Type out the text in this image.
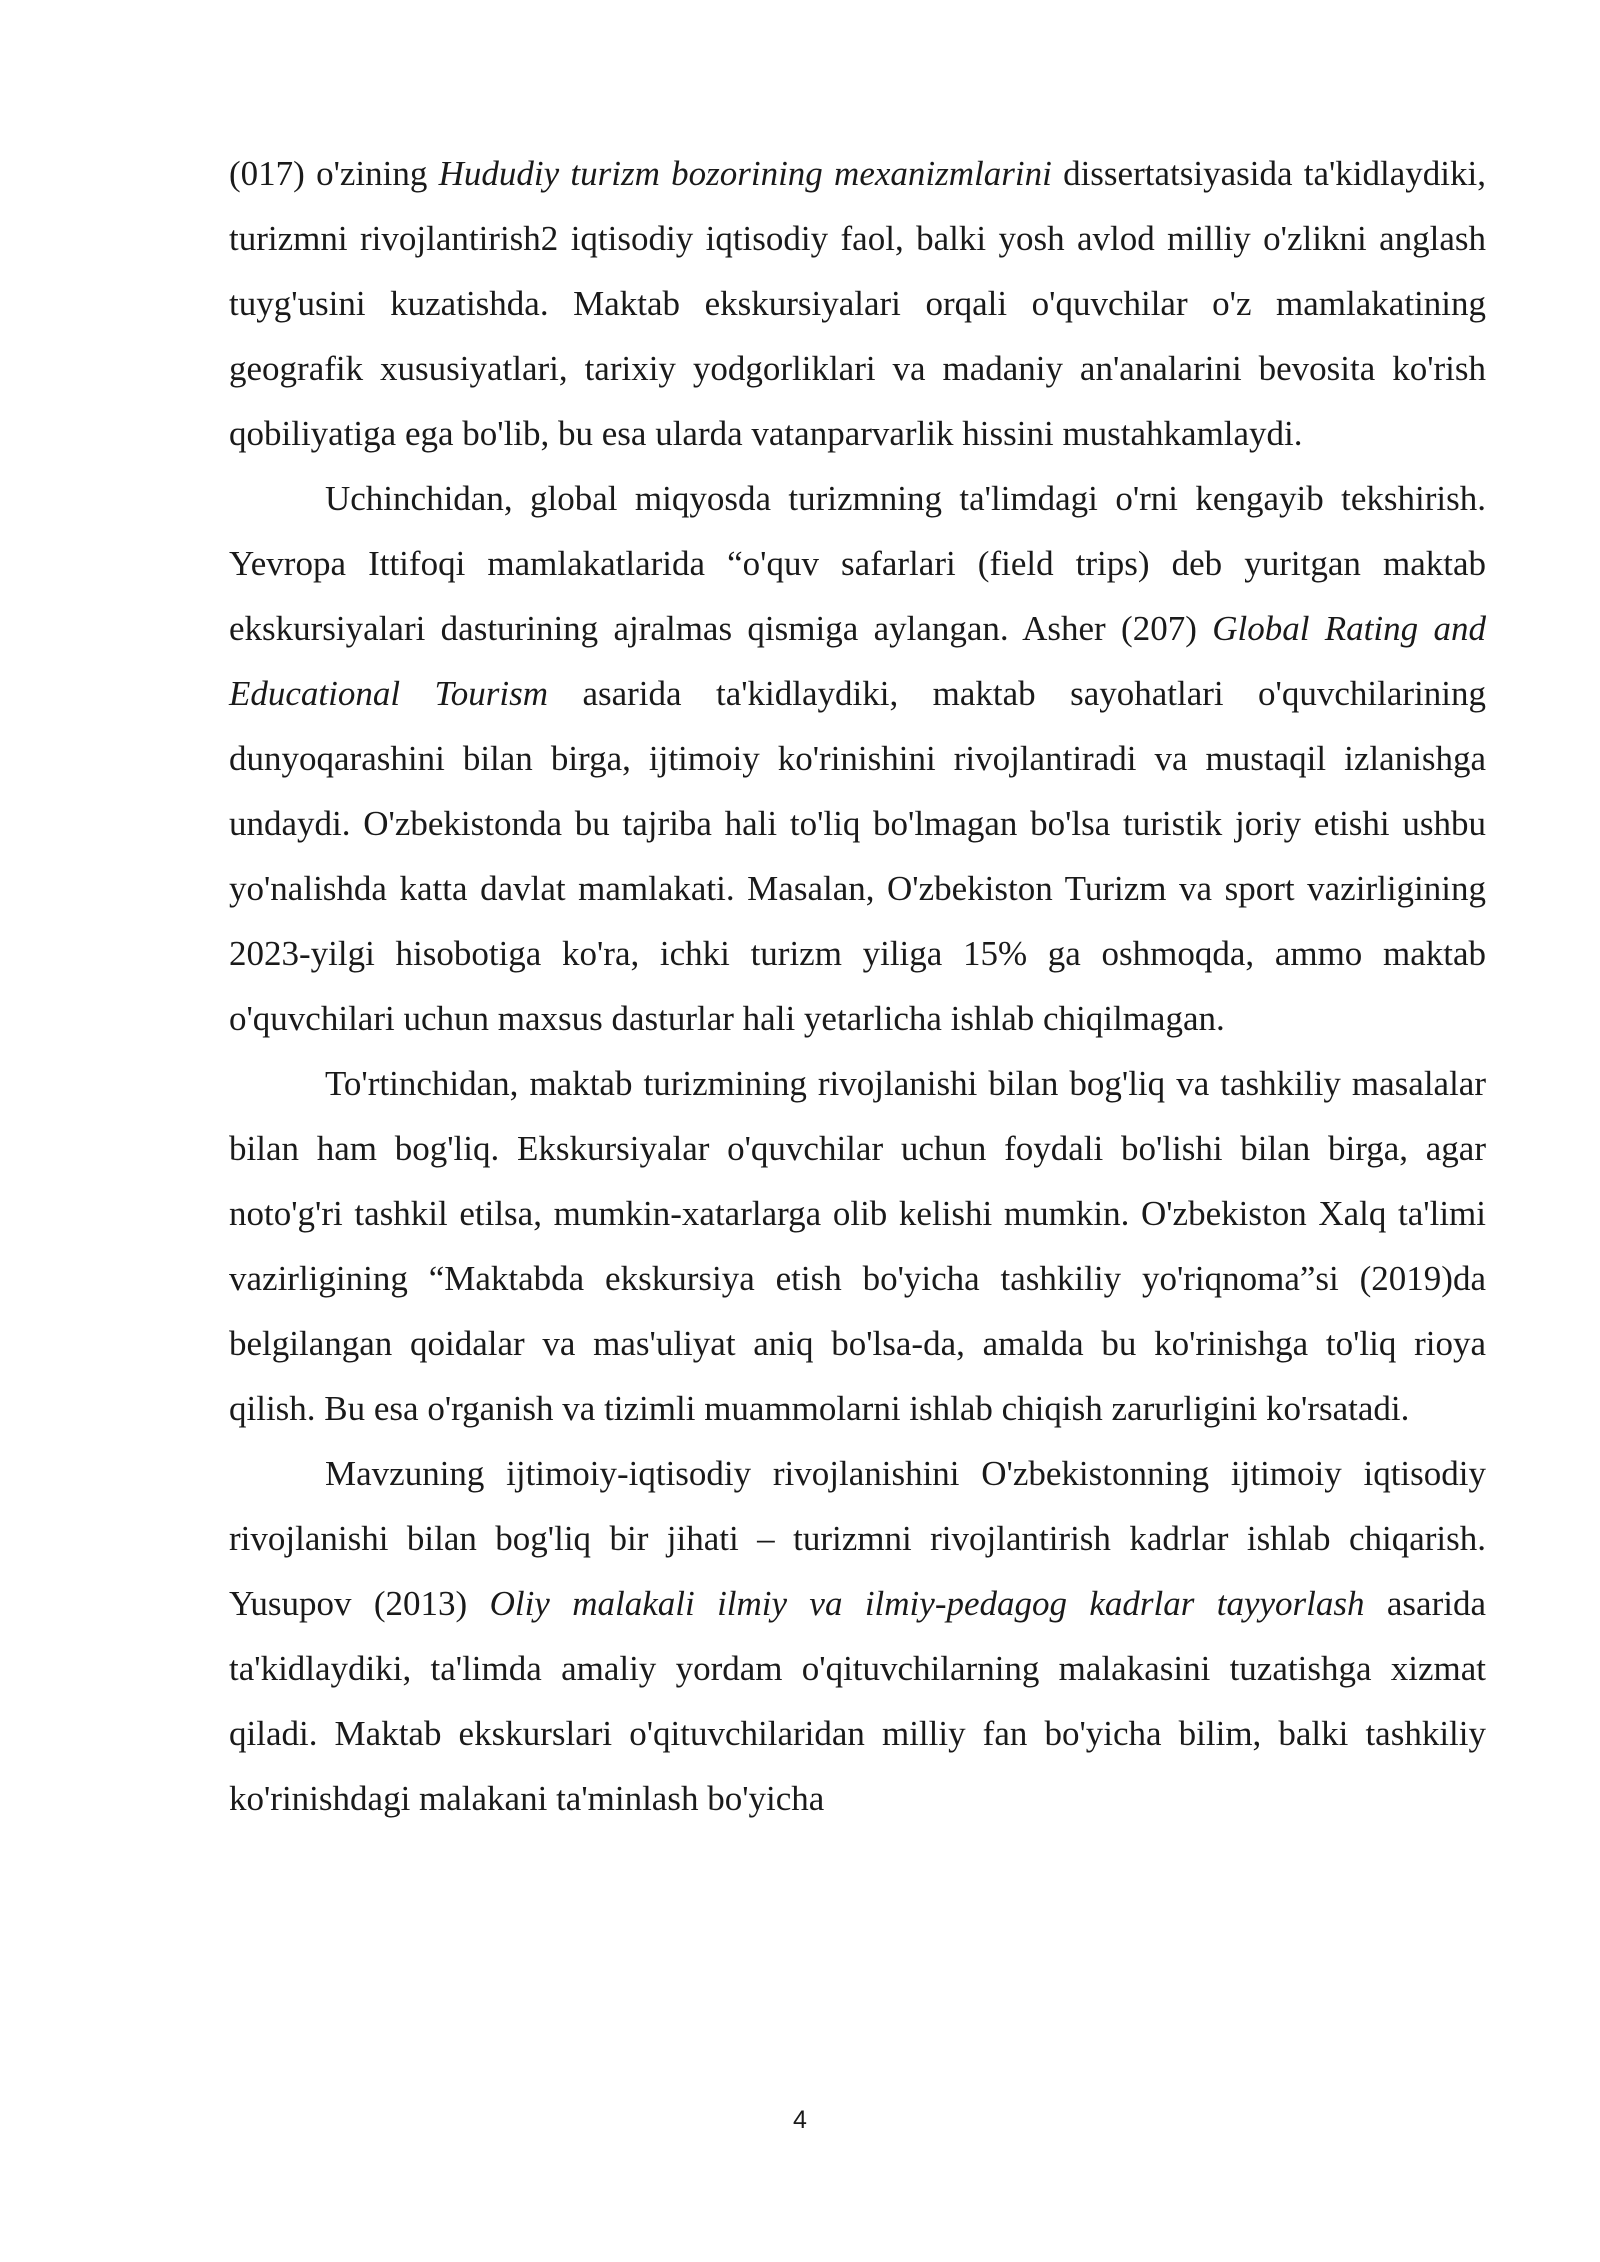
(017) o'zining Hududiy turizm bozorining mexanizmlarini dissertatsiyasida ta'kidlaydiki, turizmni rivojlantirish2 iqtisodiy iqtisodiy faol, balki yosh avlod milliy o'zlikni anglash tuyg'usini kuzatishda. Maktab ekskursiyalari orqali o'quvchilar o'z mamlakatining geografik xususiyatlari, tarixiy yodgorliklari va madaniy an'analarini bevosita ko'rish qobiliyatiga ega bo'lib, bu esa ularda vatanparvarlik hissini mustahkamlaydi.

Uchinchidan, global miqyosda turizmning ta'limdagi o'rni kengayib tekshirish. Yevropa Ittifoqi mamlakatlarida “o'quv safarlari (field trips) deb yuritgan maktab ekskursiyalari dasturining ajralmas qismiga aylangan. Asher (207) Global Rating and Educational Tourism asarida ta'kidlaydiki, maktab sayohatlari o'quvchilarining dunyoqarashini bilan birga, ijtimoiy ko'rinishini rivojlantiradi va mustaqil izlanishga undaydi. O'zbekistonda bu tajriba hali to'liq bo'lmagan bo'lsa turistik joriy etishi ushbu yo'nalishda katta davlat mamlakati. Masalan, O'zbekiston Turizm va sport vazirligining 2023-yilgi hisobotiga ko'ra, ichki turizm yiliga 15% ga oshmoqda, ammo maktab o'quvchilari uchun maxsus dasturlar hali yetarlicha ishlab chiqilmagan.

To'rtinchidan, maktab turizmining rivojlanishi bilan bog'liq va tashkiliy masalalar bilan ham bog'liq. Ekskursiyalar o'quvchilar uchun foydali bo'lishi bilan birga, agar noto'g'ri tashkil etilsa, mumkin-xatarlarga olib kelishi mumkin. O'zbekiston Xalq ta'limi vazirligining “Maktabda ekskursiya etish bo'yicha tashkiliy yo'riqnoma”si (2019)da belgilangan qoidalar va mas'uliyat aniq bo'lsa-da, amalda bu ko'rinishga to'liq rioya qilish. Bu esa o'rganish va tizimli muammolarni ishlab chiqish zarurligini ko'rsatadi.

Mavzuning ijtimoiy-iqtisodiy rivojlanishini O'zbekistonning ijtimoiy iqtisodiy rivojlanishi bilan bog'liq bir jihati – turizmni rivojlantirish kadrlar ishlab chiqarish. Yusupov (2013) Oliy malakali ilmiy va ilmiy-pedagog kadrlar tayyorlash asarida ta'kidlaydiki, ta'limda amaliy yordam o'qituvchilarning malakasini tuzatishga xizmat qiladi. Maktab ekskurslari o'qituvchilaridan milliy fan bo'yicha bilim, balki tashkiliy ko'rinishdagi malakani ta'minlash bo'yicha

4
